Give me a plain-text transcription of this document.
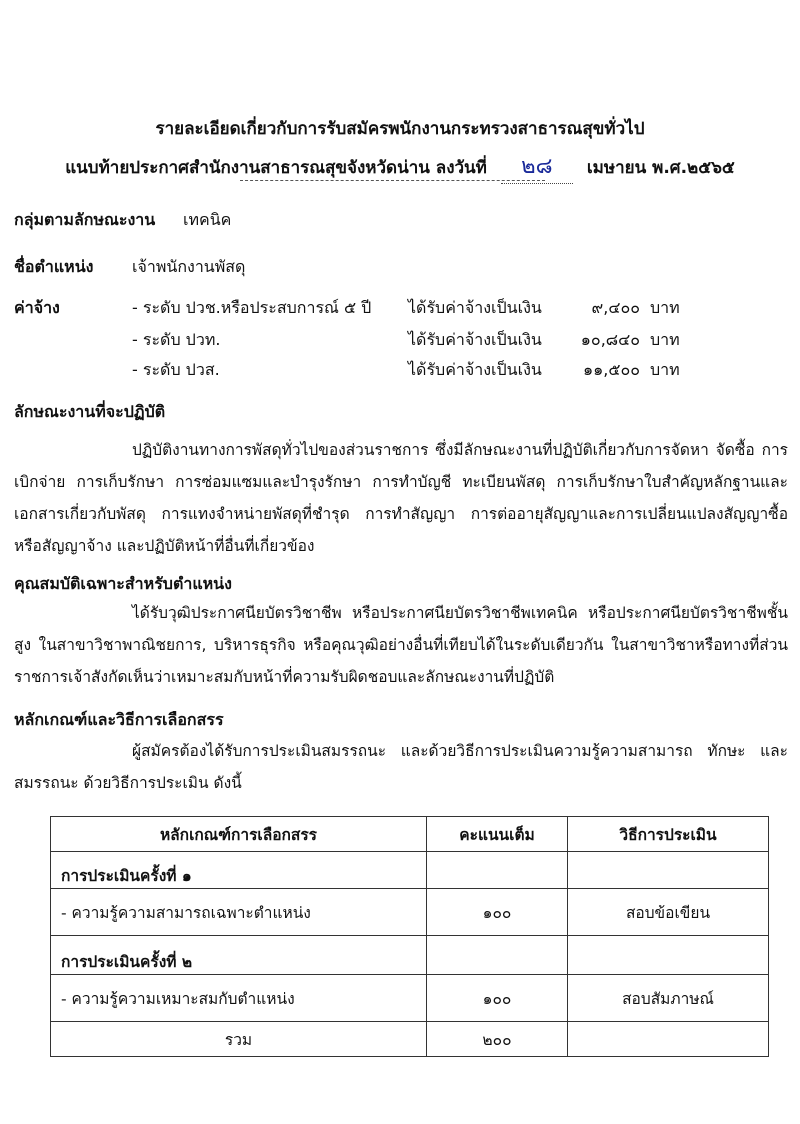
รายละเอียดเกี่ยวกับการรับสมัครพนักงานกระทรวงสาธารณสุขทั่วไป
แนบท้ายประกาศสำนักงานสาธารณสุขจังหวัดน่าน ลงวันที่ ๒๘ เมษายน พ.ศ.๒๕๖๕
กลุ่มตามลักษณะงาน เทคนิค
ชื่อตำแหน่ง เจ้าพนักงานพัสดุ
ค่าจ้าง	- ระดับ ปวช.หรือประสบการณ์ ๕ ปี ได้รับค่าจ้างเป็นเงิน	๙,๔๐๐ บาท
- ระดับ ปวท.	ได้รับค่าจ้างเป็นเงิน	๑๐,๘๔๐ บาท
- ระดับ ปวส.	ได้รับค่าจ้างเป็นเงิน	๑๑,๕๐๐ บาท
ลักษณะงานที่จะปฏิบัติ
ปฏิบัติงานทางการพัสดุทั่วไปของส่วนราชการ ซึ่งมีลักษณะงานที่ปฏิบัติเกี่ยวกับการจัดหา จัดซื้อ การเบิกจ่าย การเก็บรักษา การซ่อมแซมและบำรุงรักษา การทำบัญชี ทะเบียนพัสดุ การเก็บรักษาใบสำคัญหลักฐานและเอกสารเกี่ยวกับพัสดุ การแทงจำหน่ายพัสดุที่ชำรุด การทำสัญญา การต่ออายุสัญญาและการเปลี่ยนแปลงสัญญาซื้อ หรือสัญญาจ้าง และปฏิบัติหน้าที่อื่นที่เกี่ยวข้อง
คุณสมบัติเฉพาะสำหรับตำแหน่ง
ได้รับวุฒิประกาศนียบัตรวิชาชีพ หรือประกาศนียบัตรวิชาชีพเทคนิค หรือประกาศนียบัตรวิชาชีพชั้นสูง ในสาขาวิชาพาณิชยการ, บริหารธุรกิจ หรือคุณวุฒิอย่างอื่นที่เทียบได้ในระดับเดียวกัน ในสาขาวิชาหรือทางที่ส่วนราชการเจ้าสังกัดเห็นว่าเหมาะสมกับหน้าที่ความรับผิดชอบและลักษณะงานที่ปฏิบัติ
หลักเกณฑ์และวิธีการเลือกสรร
ผู้สมัครต้องได้รับการประเมินสมรรถนะ และด้วยวิธีการประเมินความรู้ความสามารถ ทักษะ และสมรรถนะ ด้วยวิธีการประเมิน ดังนี้
หลักเกณฑ์การเลือกสรร	คะแนนเต็ม	วิธีการประเมิน
การประเมินครั้งที่ ๑		
- ความรู้ความสามารถเฉพาะตำแหน่ง	๑๐๐	สอบข้อเขียน
การประเมินครั้งที่ ๒		
- ความรู้ความเหมาะสมกับตำแหน่ง	๑๐๐	สอบสัมภาษณ์
รวม	๒๐๐	
